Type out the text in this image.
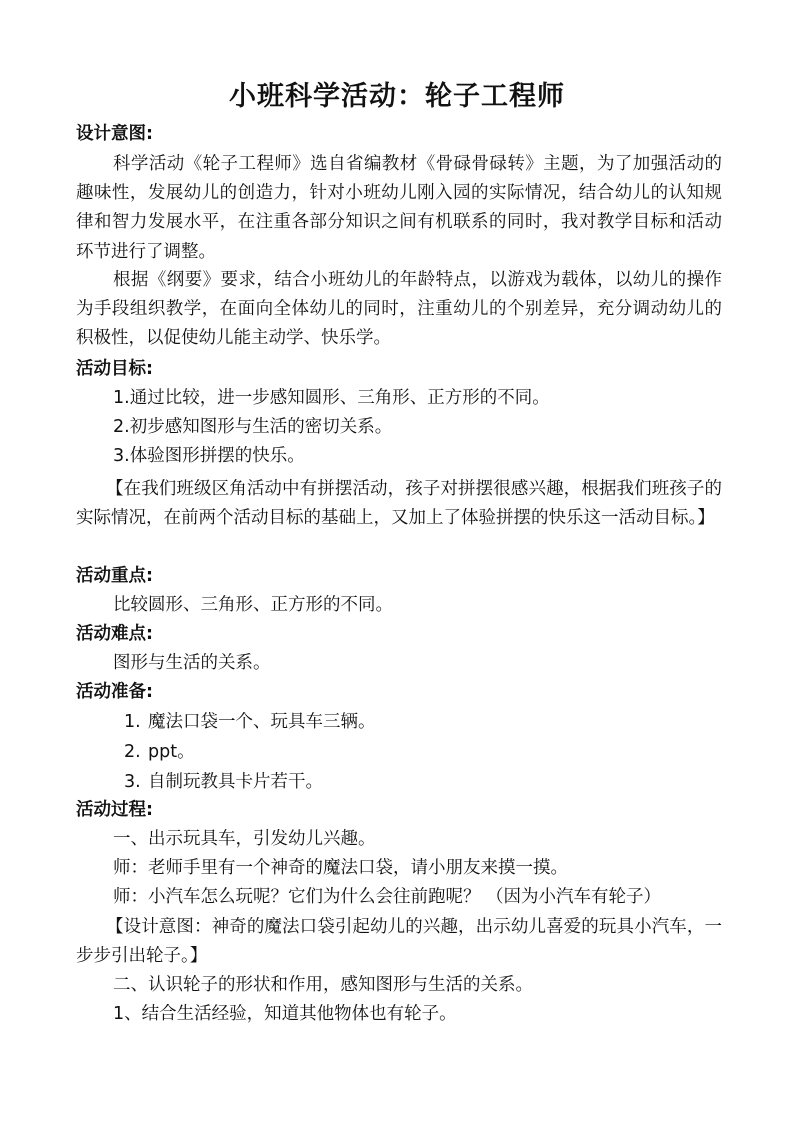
小班科学活动：轮子工程师
设计意图:

科学活动《轮子工程师》选自省编教材《骨碌骨碌转》主题，为了加强活动的趣味性，发展幼儿的创造力，针对小班幼儿刚入园的实际情况，结合幼儿的认知规律和智力发展水平，在注重各部分知识之间有机联系的同时，我对教学目标和活动环节进行了调整。

根据《纲要》要求，结合小班幼儿的年龄特点，以游戏为载体，以幼儿的操作为手段组织教学，在面向全体幼儿的同时，注重幼儿的个别差异，充分调动幼儿的积极性，以促使幼儿能主动学、快乐学。

活动目标:
1.通过比较，进一步感知圆形、三角形、正方形的不同。
2.初步感知图形与生活的密切关系。
3.体验图形拼摆的快乐。

【在我们班级区角活动中有拼摆活动，孩子对拼摆很感兴趣，根据我们班孩子的实际情况，在前两个活动目标的基础上，又加上了体验拼摆的快乐这一活动目标。】

活动重点:
比较圆形、三角形、正方形的不同。
活动难点:
图形与生活的关系。
活动准备:
1. 魔法口袋一个、玩具车三辆。
2. ppt。
3. 自制玩教具卡片若干。
活动过程:
一、出示玩具车，引发幼儿兴趣。
师：老师手里有一个神奇的魔法口袋，请小朋友来摸一摸。
师：小汽车怎么玩呢？它们为什么会往前跑呢？ （因为小汽车有轮子）

【设计意图：神奇的魔法口袋引起幼儿的兴趣，出示幼儿喜爱的玩具小汽车，一步步引出轮子。】

二、认识轮子的形状和作用，感知图形与生活的关系。
1、结合生活经验，知道其他物体也有轮子。
